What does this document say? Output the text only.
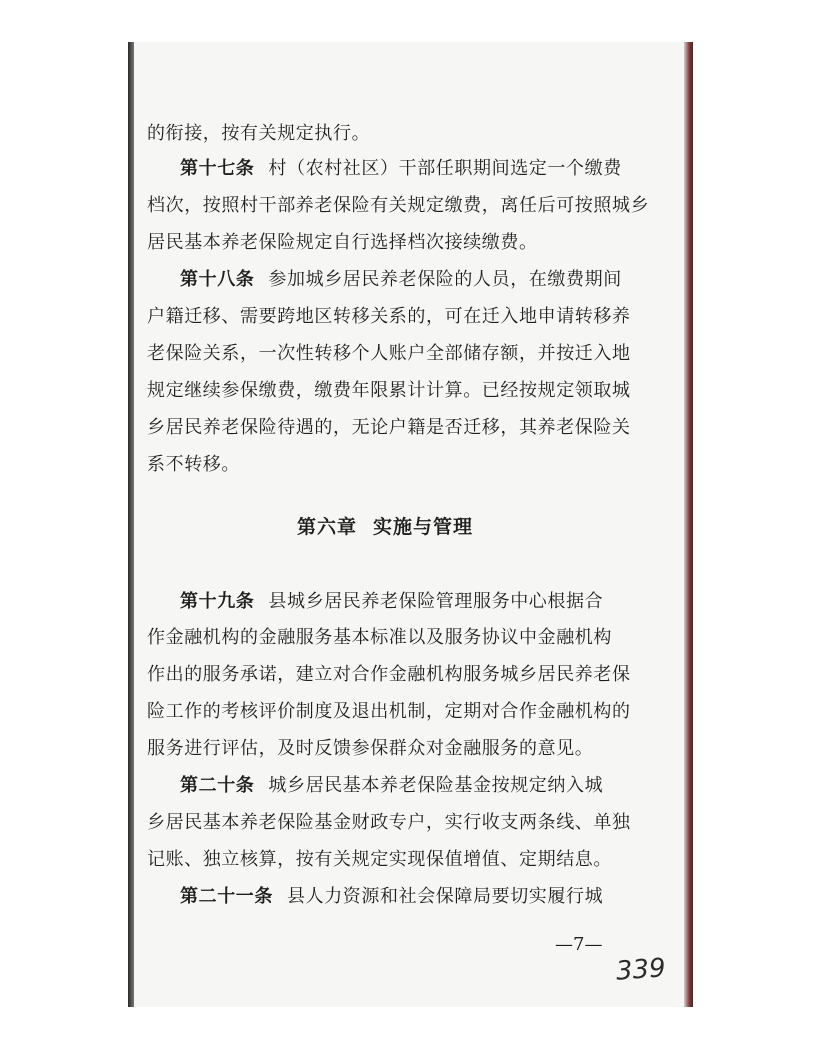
的衔接，按有关规定执行。
第十七条 村（农村社区）干部任职期间选定一个缴费
档次，按照村干部养老保险有关规定缴费，离任后可按照城乡
居民基本养老保险规定自行选择档次接续缴费。
第十八条 参加城乡居民养老保险的人员，在缴费期间
户籍迁移、需要跨地区转移关系的，可在迁入地申请转移养
老保险关系，一次性转移个人账户全部储存额，并按迁入地
规定继续参保缴费，缴费年限累计计算。已经按规定领取城
乡居民养老保险待遇的，无论户籍是否迁移，其养老保险关
系不转移。
第六章 实施与管理
第十九条 县城乡居民养老保险管理服务中心根据合
作金融机构的金融服务基本标准以及服务协议中金融机构
作出的服务承诺，建立对合作金融机构服务城乡居民养老保
险工作的考核评价制度及退出机制，定期对合作金融机构的
服务进行评估，及时反馈参保群众对金融服务的意见。
第二十条 城乡居民基本养老保险基金按规定纳入城
乡居民基本养老保险基金财政专户，实行收支两条线、单独
记账、独立核算，按有关规定实现保值增值、定期结息。
第二十一条 县人力资源和社会保障局要切实履行城
—7—
339
